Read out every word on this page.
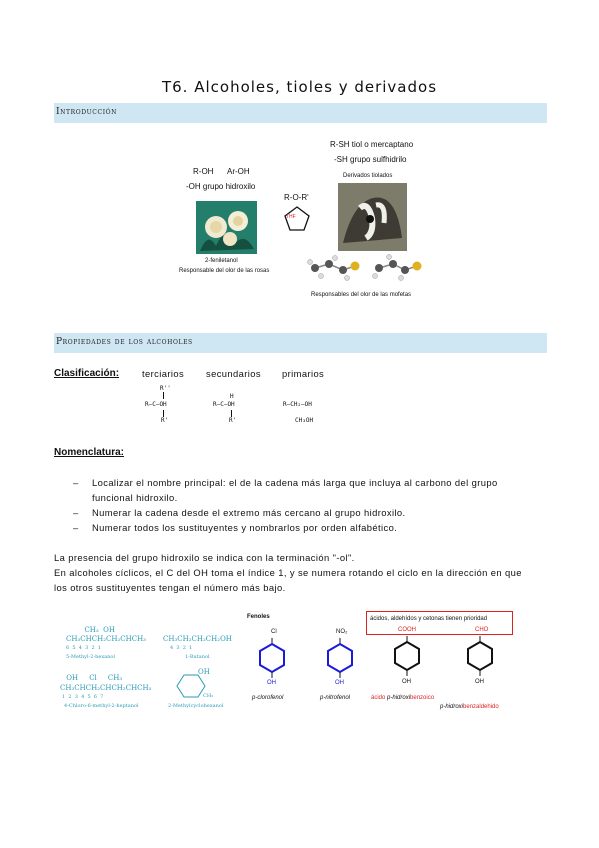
T6. Alcoholes, tioles y derivados
Introducción
R-OH Ar-OH
-OH grupo hidroxilo
R-O-R'
R-SH tiol o mercaptano
-SH grupo sulfhidrilo
Derivados tiolados
2-feniletanol
Responsable del olor de las rosas
THF
Responsables del olor de las mofetas
Propiedades de los alcoholes
Clasificación: terciarios secundarios primarios
R''
R—C—OH
R'
R—C—OH
H
R'
R—CH₂—OH
CH₃OH
Nomenclatura:
– Localizar el nombre principal: el de la cadena más larga que incluya al carbono del grupo
funcional hidroxilo.
– Numerar la cadena desde el extremo más cercano al grupo hidroxilo.
– Numerar todos los sustituyentes y nombrarlos por orden alfabético.
La presencia del grupo hidroxilo se indica con la terminación "-ol".
En alcoholes cíclicos, el C del OH toma el índice 1, y se numera rotando el ciclo en la dirección en que
los otros sustituyentes tengan el número más bajo.
CH₃  OH
CH₃CHCH₂CH₂CHCH₃
6  5  4  3  2  1
5-Methyl-2-hexanol
CH₃CH₂CH₂CH₂OH
4  3  2  1
1-Butanol
OH     Cl     CH₃
CH₃CHCH₂CHCH₂CHCH₃
1  2  3  4  5  6  7
4-Chloro-6-methyl-2-heptanol
OH
CH₃
2-Methylcyclohexanol
Fenoles
Cl
OH
p-clorofenol
NO₂
OH
p-nitrofenol
ácidos, aldehídos y cetonas tienen prioridad
COOH
OH
ácido p-hidroxibenzoico
CHO
OH
p-hidroxibenzaldehido
